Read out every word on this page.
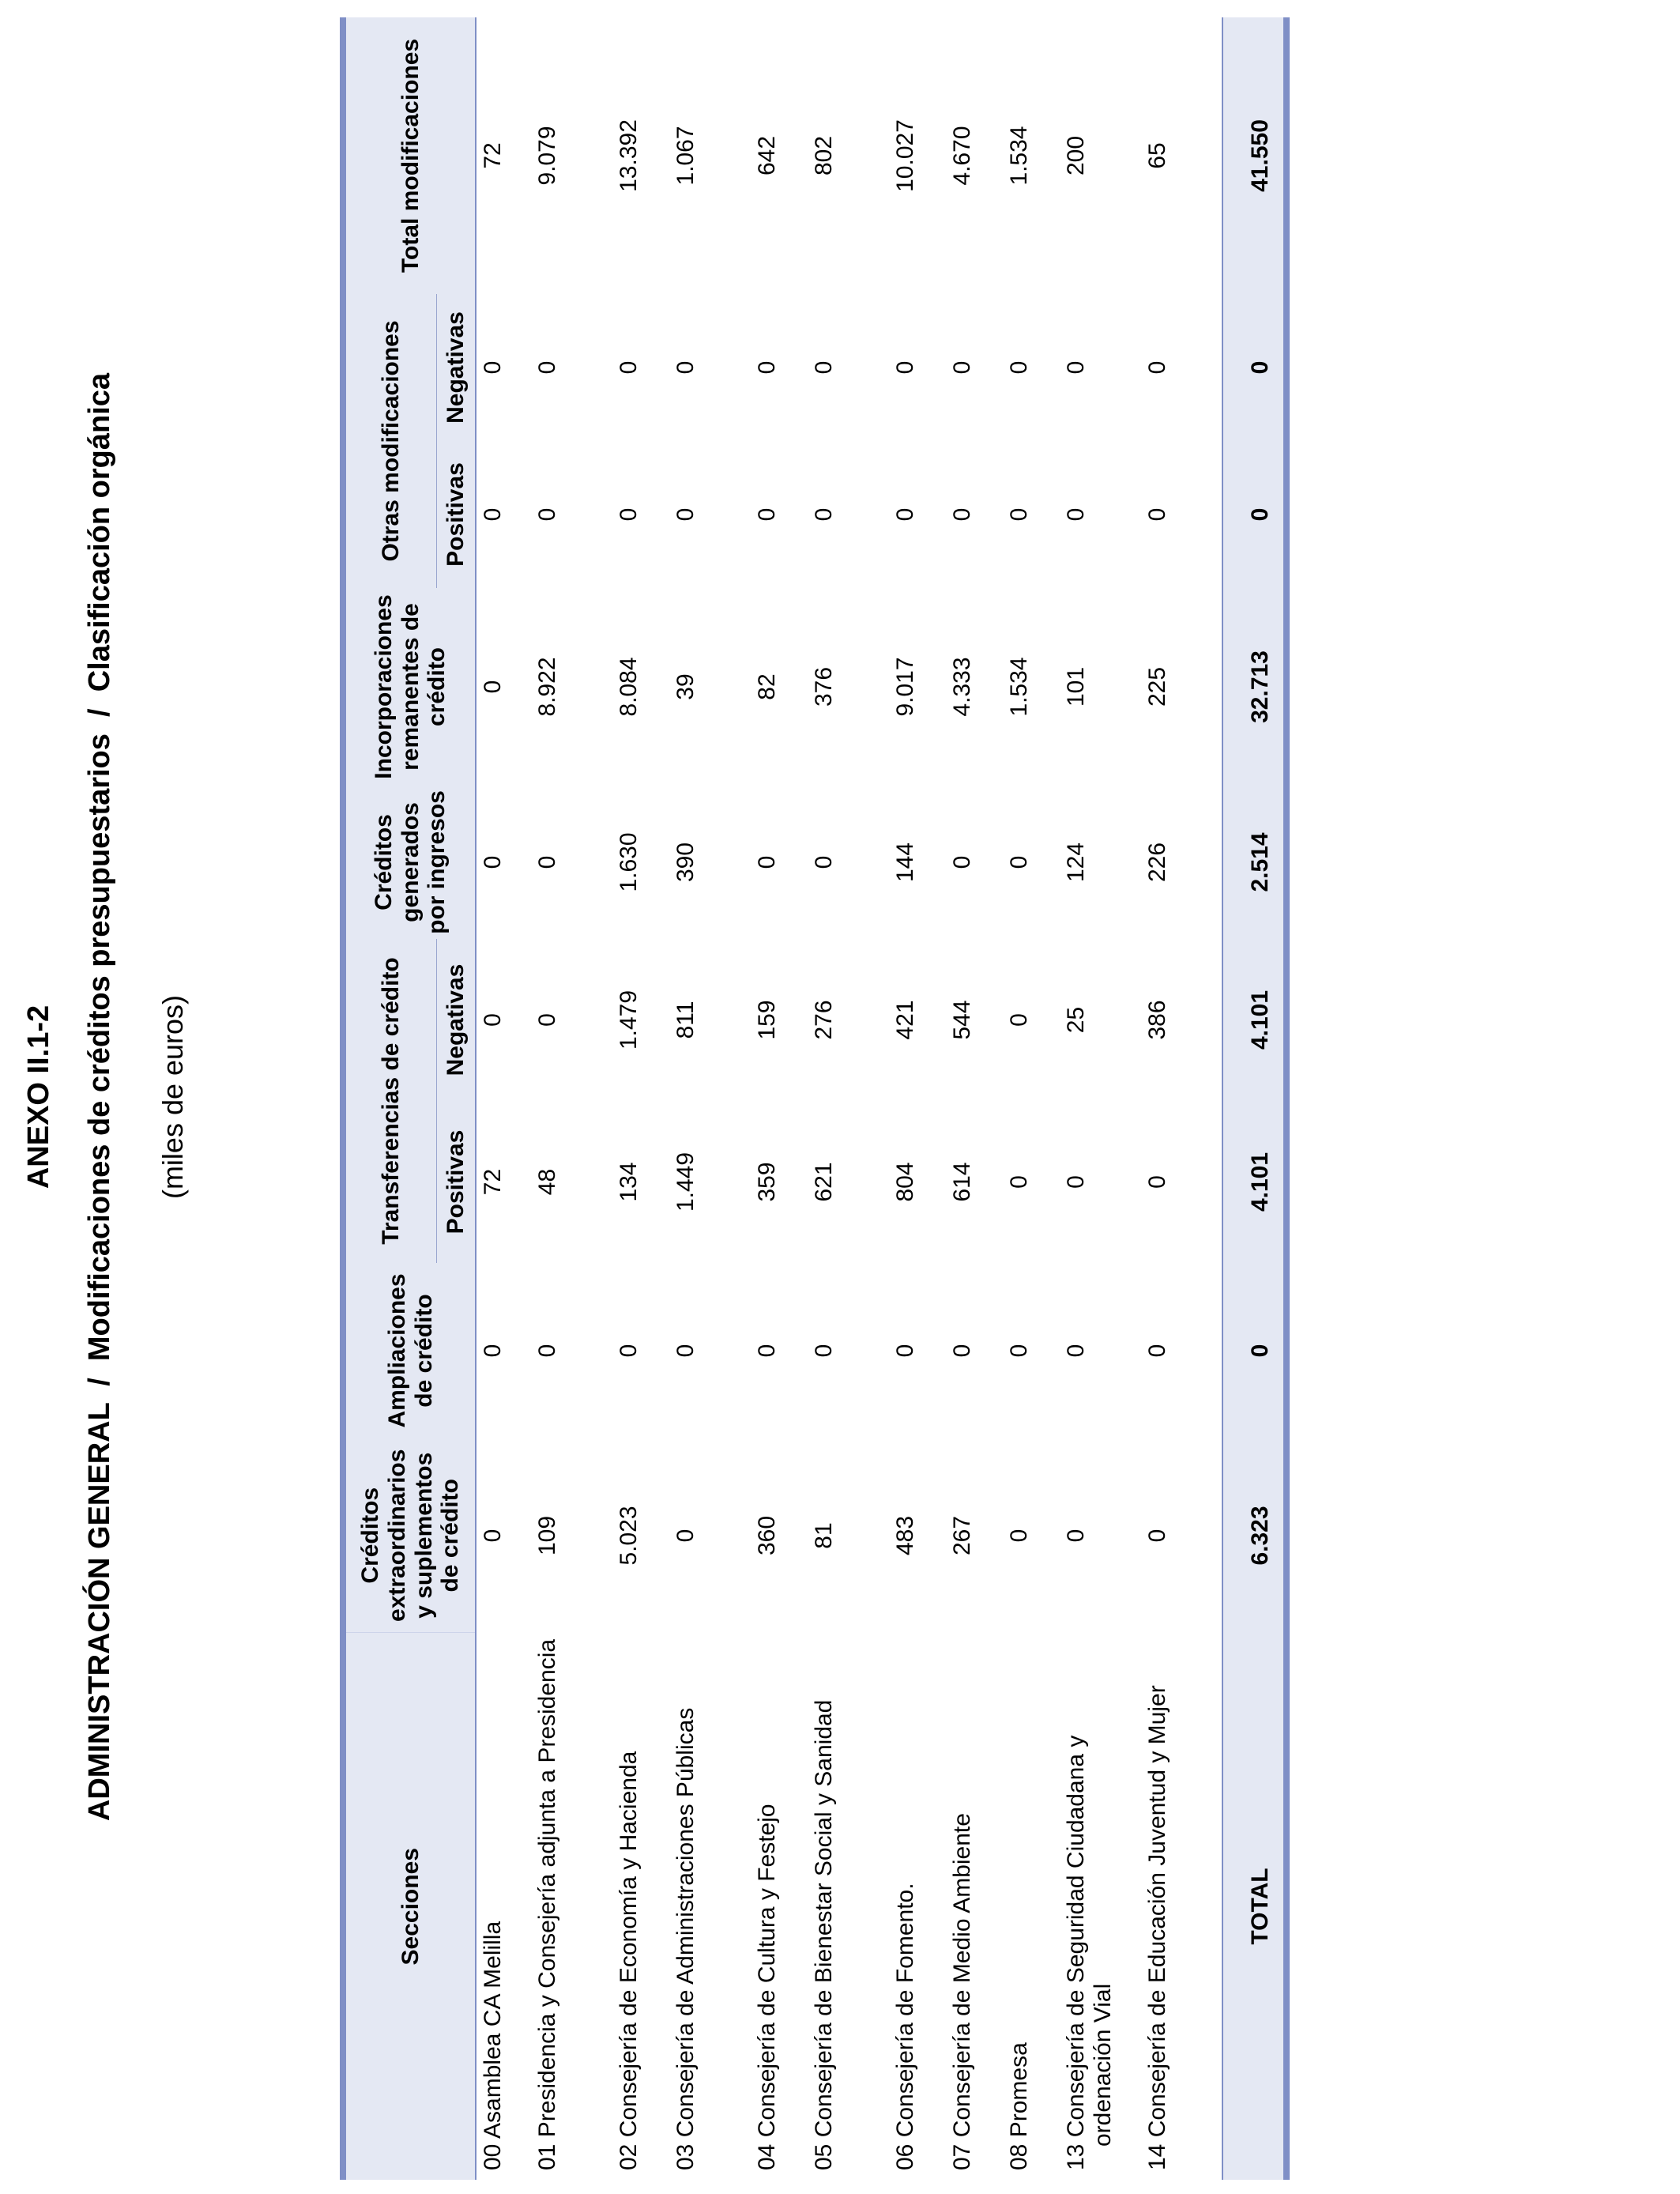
ANEXO II.1-2 ADMINISTRACIÓN GENERAL  /  Modificaciones de créditos presupuestarios  /  Clasificación orgánica (miles de euros)
Secciones	Créditos extraordinarios y suplementos de crédito	Ampliaciones de crédito	Transferencias de crédito		Créditos generados por ingresos	Incorporaciones remanentes de crédito	Otras modificaciones		Total modificaciones
			Positivas	Negativas			Positivas	Negativas	

00 Asamblea CA Melilla	0	0	72	0	0	0	0	0	72

01 Presidencia y Consejería adjunta a Presidencia	109	0	48	0	0	8.922	0	0	9.079

02 Consejería de Economía y Hacienda	5.023	0	134	1.479	1.630	8.084	0	0	13.392

03 Consejería de Administraciones Públicas	0	0	1.449	811	390	39	0	0	1.067

04 Consejería de Cultura y Festejo	360	0	359	159	0	82	0	0	642

05 Consejería de Bienestar Social y Sanidad	81	0	621	276	0	376	0	0	802

06 Consejería de Fomento.	483	0	804	421	144	9.017	0	0	10.027

07 Consejería de Medio Ambiente	267	0	614	544	0	4.333	0	0	4.670

08 Promesa	0	0	0	0	0	1.534	0	0	1.534

13 Consejería de Seguridad Ciudadana y ordenación Vial	0	0	0	25	124	101	0	0	200

14 Consejería de Educación Juventud y Mujer	0	0	0	386	226	225	0	0	65
TOTAL	6.323	0	4.101	4.101	2.514	32.713	0	0	41.550
